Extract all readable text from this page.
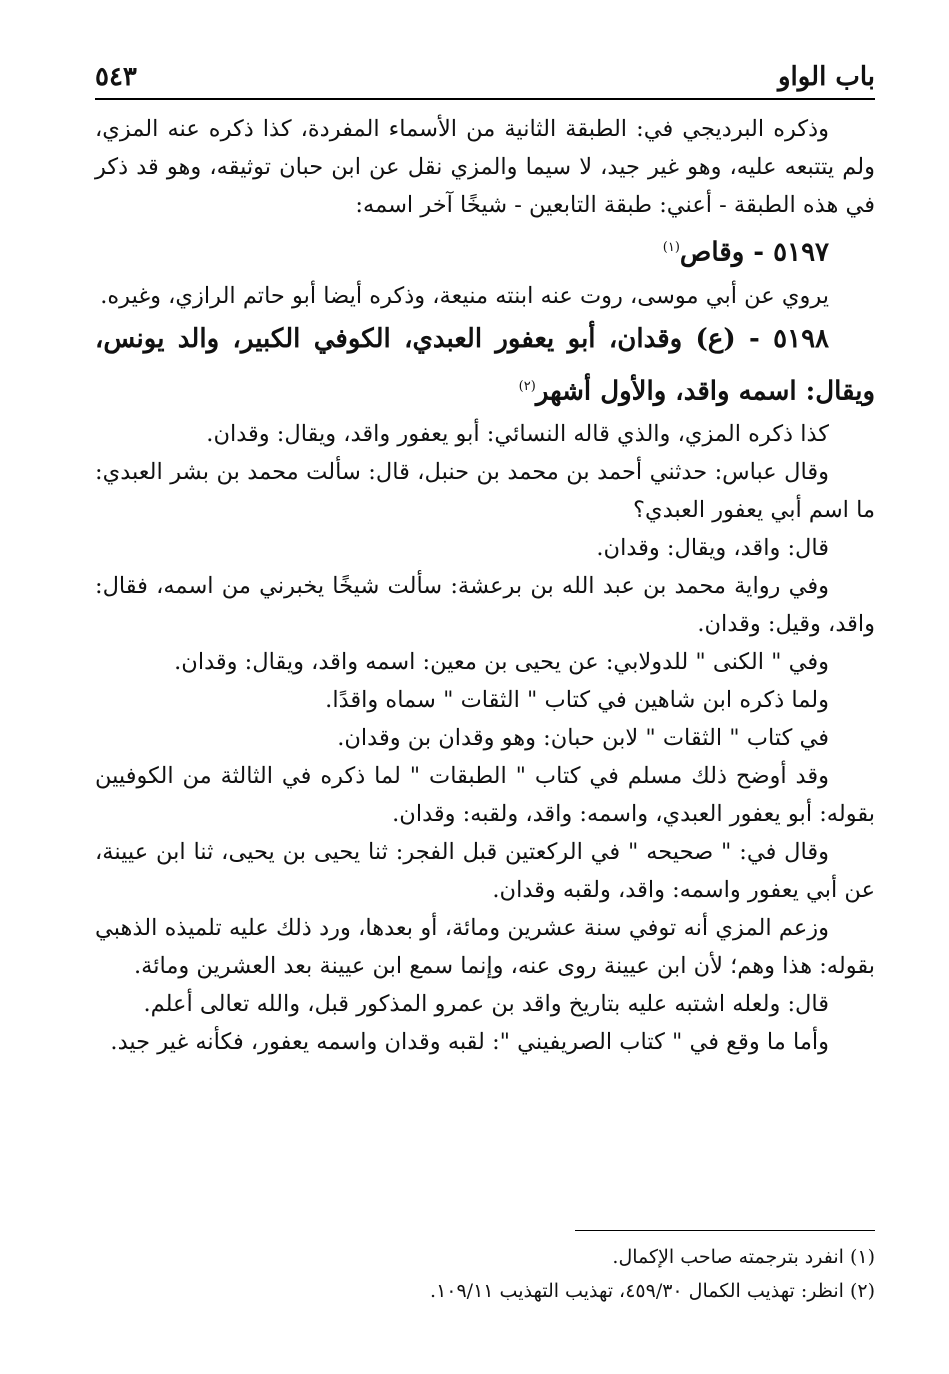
باب الواو
٥٤٣

وذكره البرديجي في: الطبقة الثانية من الأسماء المفردة، كذا ذكره عنه المزي، ولم يتتبعه عليه، وهو غير جيد، لا سيما والمزي نقل عن ابن حبان توثيقه، وهو قد ذكر في هذه الطبقة - أعني: طبقة التابعين - شيخًا آخر اسمه:

٥١٩٧ - وقاص$^{(١)}$

يروي عن أبي موسى، روت عنه ابنته منيعة، وذكره أيضا أبو حاتم الرازي، وغيره.

٥١٩٨ - (ع) وقدان، أبو يعفور العبدي، الكوفي الكبير، والد يونس، ويقال: اسمه واقد، والأول أشهر$^{(٢)}$

كذا ذكره المزي، والذي قاله النسائي: أبو يعفور واقد، ويقال: وقدان.

وقال عباس: حدثني أحمد بن محمد بن حنبل، قال: سألت محمد بن بشر العبدي: ما اسم أبي يعفور العبدي؟

قال: واقد، ويقال: وقدان.

وفي رواية محمد بن عبد الله بن برعشة: سألت شيخًا يخبرني من اسمه، فقال: واقد، وقيل: وقدان.

وفي " الكنى " للدولابي: عن يحيى بن معين: اسمه واقد، ويقال: وقدان.

ولما ذكره ابن شاهين في كتاب " الثقات " سماه واقدًا.

في كتاب " الثقات " لابن حبان: وهو وقدان بن وقدان.

وقد أوضح ذلك مسلم في كتاب " الطبقات " لما ذكره في الثالثة من الكوفيين بقوله: أبو يعفور العبدي، واسمه: واقد، ولقبه: وقدان.

وقال في: " صحيحه " في الركعتين قبل الفجر: ثنا يحيى بن يحيى، ثنا ابن عيينة، عن أبي يعفور واسمه: واقد، ولقبه وقدان.

وزعم المزي أنه توفي سنة عشرين ومائة، أو بعدها، ورد ذلك عليه تلميذه الذهبي بقوله: هذا وهم؛ لأن ابن عيينة روى عنه، وإنما سمع ابن عيينة بعد العشرين ومائة.

قال: ولعله اشتبه عليه بتاريخ واقد بن عمرو المذكور قبل، والله تعالى أعلم.

وأما ما وقع في " كتاب الصريفيني ": لقبه وقدان واسمه يعفور، فكأنه غير جيد.

(١) انفرد بترجمته صاحب الإكمال.

(٢) انظر: تهذيب الكمال ٤٥٩/٣٠، تهذيب التهذيب ١٠٩/١١.
